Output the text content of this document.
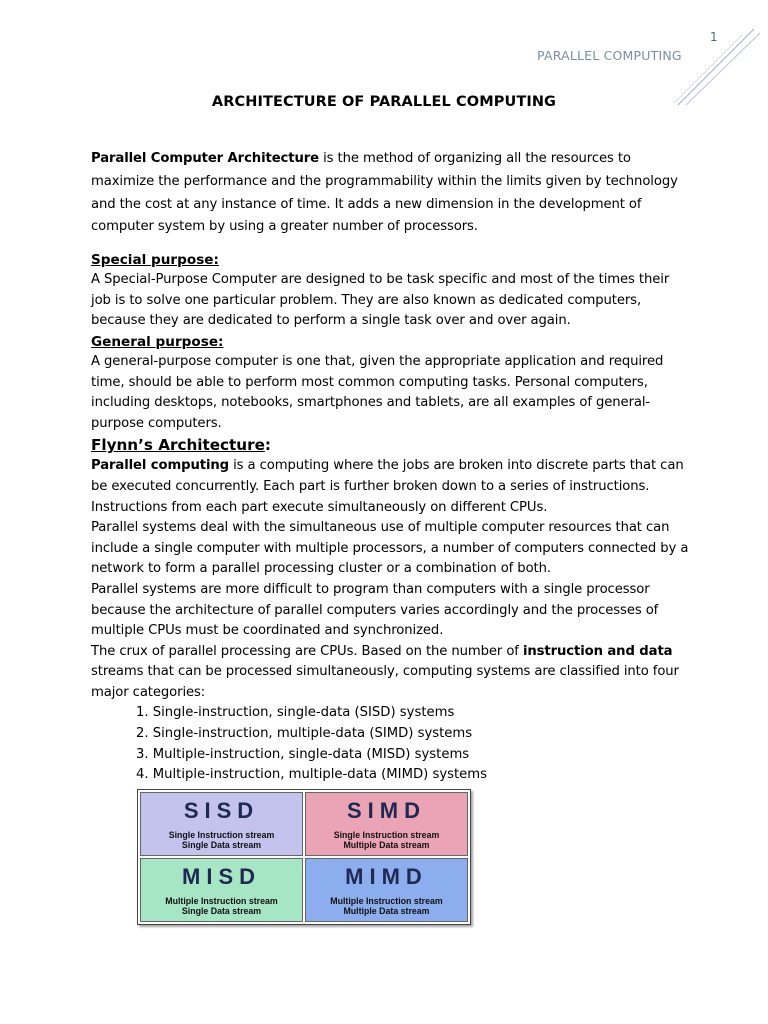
1
PARALLEL COMPUTING
ARCHITECTURE OF PARALLEL COMPUTING

Parallel Computer Architecture is the method of organizing all the resources to maximize the performance and the programmability within the limits given by technology and the cost at any instance of time. It adds a new dimension in the development of computer system by using a greater number of processors.

Special purpose:

A Special-Purpose Computer are designed to be task specific and most of the times their job is to solve one particular problem. They are also known as dedicated computers, because they are dedicated to perform a single task over and over again.

General purpose:

A general-purpose computer is one that, given the appropriate application and required time, should be able to perform most common computing tasks. Personal computers, including desktops, notebooks, smartphones and tablets, are all examples of general-purpose computers.

Flynn’s Architecture:

Parallel computing is a computing where the jobs are broken into discrete parts that can be executed concurrently. Each part is further broken down to a series of instructions. Instructions from each part execute simultaneously on different CPUs.

Parallel systems deal with the simultaneous use of multiple computer resources that can include a single computer with multiple processors, a number of computers connected by a network to form a parallel processing cluster or a combination of both.

Parallel systems are more difficult to program than computers with a single processor because the architecture of parallel computers varies accordingly and the processes of multiple CPUs must be coordinated and synchronized.

The crux of parallel processing are CPUs. Based on the number of instruction and data streams that can be processed simultaneously, computing systems are classified into four major categories:

1. Single-instruction, single-data (SISD) systems
2. Single-instruction, multiple-data (SIMD) systems
3. Multiple-instruction, single-data (MISD) systems
4. Multiple-instruction, multiple-data (MIMD) systems
SISD
Single Instruction stream
Single Data stream
SIMD
Single Instruction stream
Multiple Data stream
MISD
Multiple Instruction stream
Single Data stream
MIMD
Multiple Instruction stream
Multiple Data stream
